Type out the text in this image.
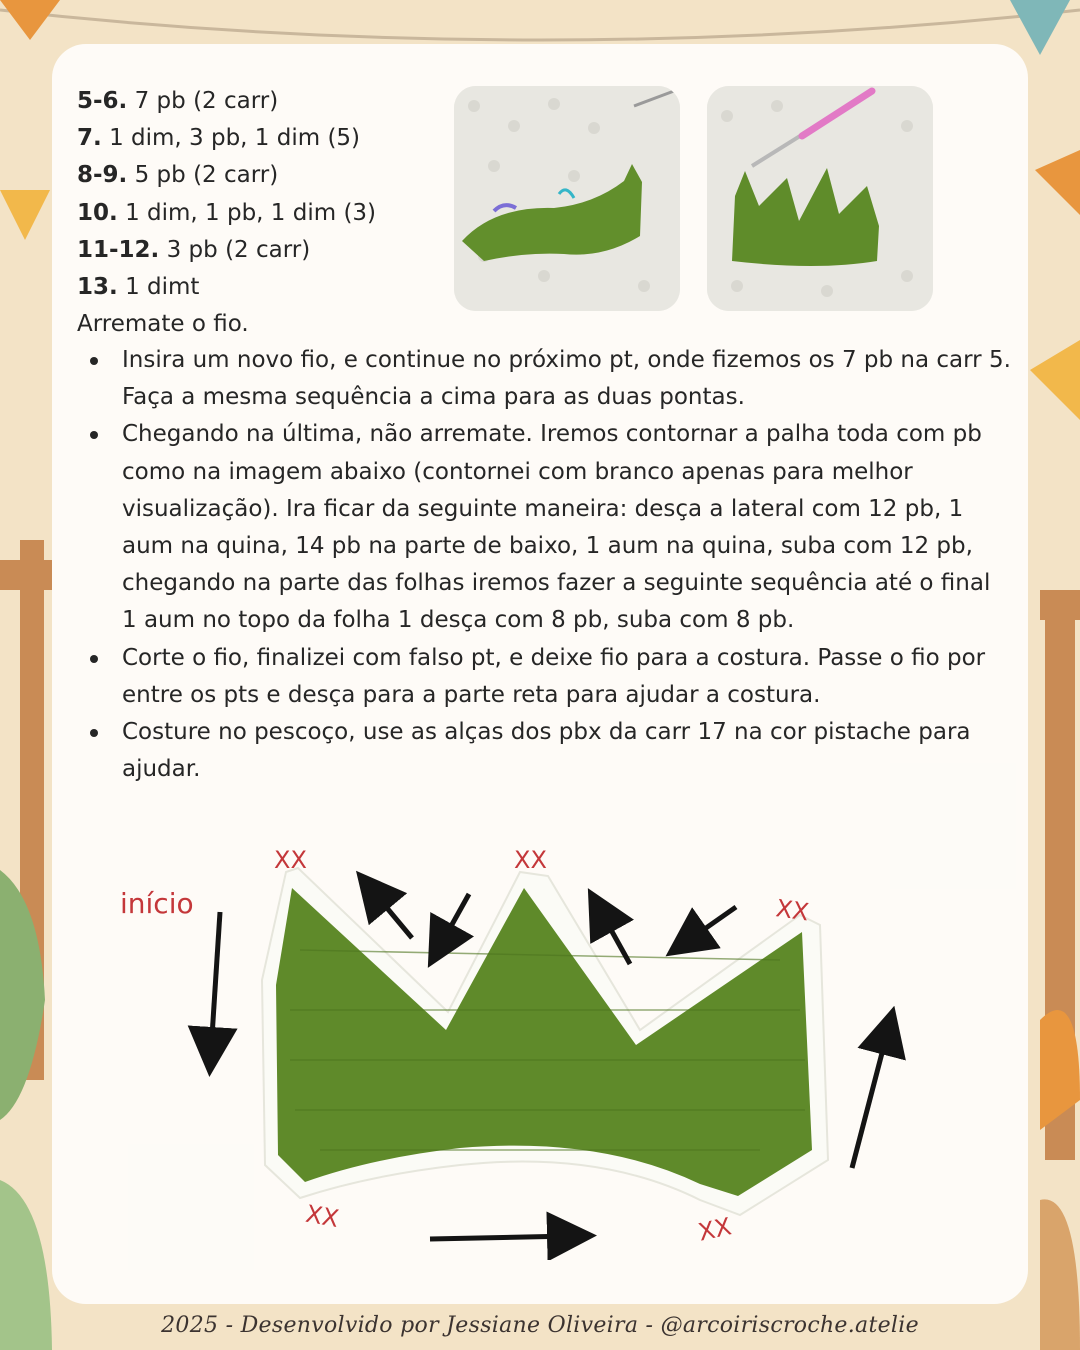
5-6. 7 pb (2 carr)
7. 1 dim, 3 pb, 1 dim (5)
8-9. 5 pb (2 carr)
10. 1 dim, 1 pb, 1 dim (3)
11-12. 3 pb (2 carr)
13. 1 dimt
Arremate o fio.
Insira um novo fio, e continue no próximo pt, onde fizemos os 7 pb na carr 5. Faça a mesma sequência a cima para as duas pontas.
Chegando na última, não arremate. Iremos contornar a palha toda com pb como na imagem abaixo (contornei com branco apenas para melhor visualização). Ira ficar da seguinte maneira: desça a lateral com 12 pb, 1 aum na quina, 14 pb na parte de baixo, 1 aum na quina, suba com 12 pb, chegando na parte das folhas iremos fazer a seguinte sequência até o final 1 aum no topo da folha 1 desça com 8 pb, suba com 8 pb.
Corte o fio, finalizei com falso pt, e deixe fio para a costura. Passe o fio por entre os pts e desça para a parte reta para ajudar a costura.
Costure no pescoço, use as alças dos pbx da carr 17 na cor pistache para ajudar.
XX	XX
XX
XX	XX
início
2025 - Desenvolvido por Jessiane Oliveira - @arcoiriscroche.atelie
